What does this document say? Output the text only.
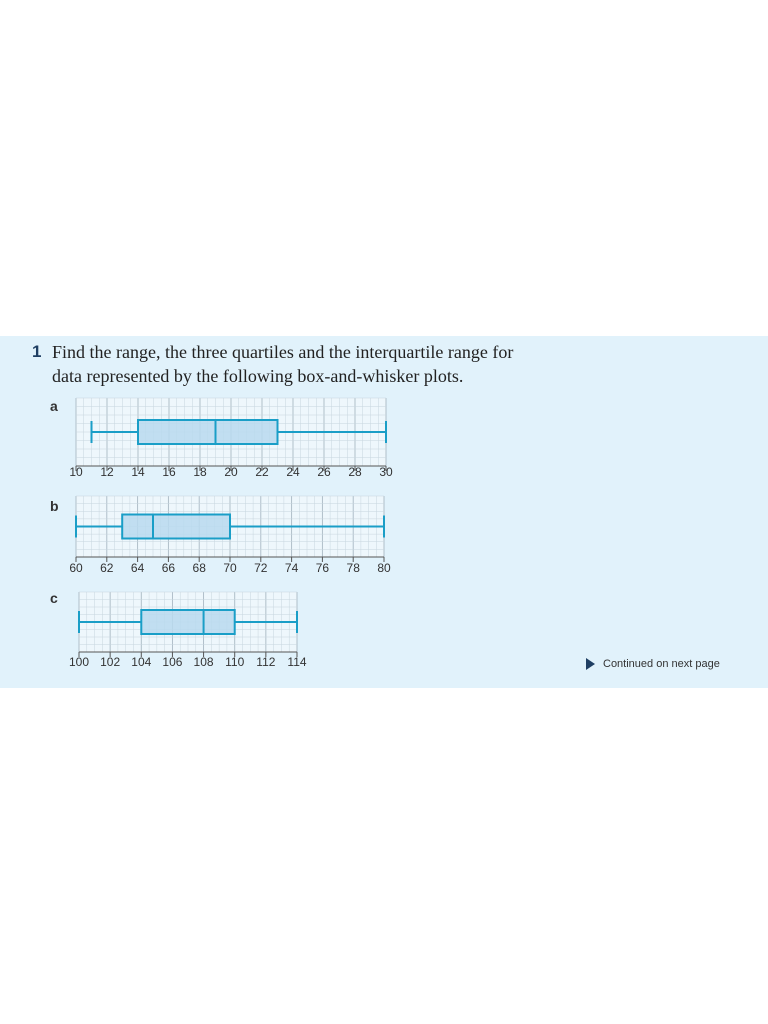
1 Find the range, the three quartiles and the interquartile range for
data represented by the following box-and-whisker plots.
a
b
c
10 12 14 16 18 20 22 24 26 28 30
60 62 64 66 68 70 72 74 76 78 80
100 102 104 106 108 110 112 114	Continued on next page
